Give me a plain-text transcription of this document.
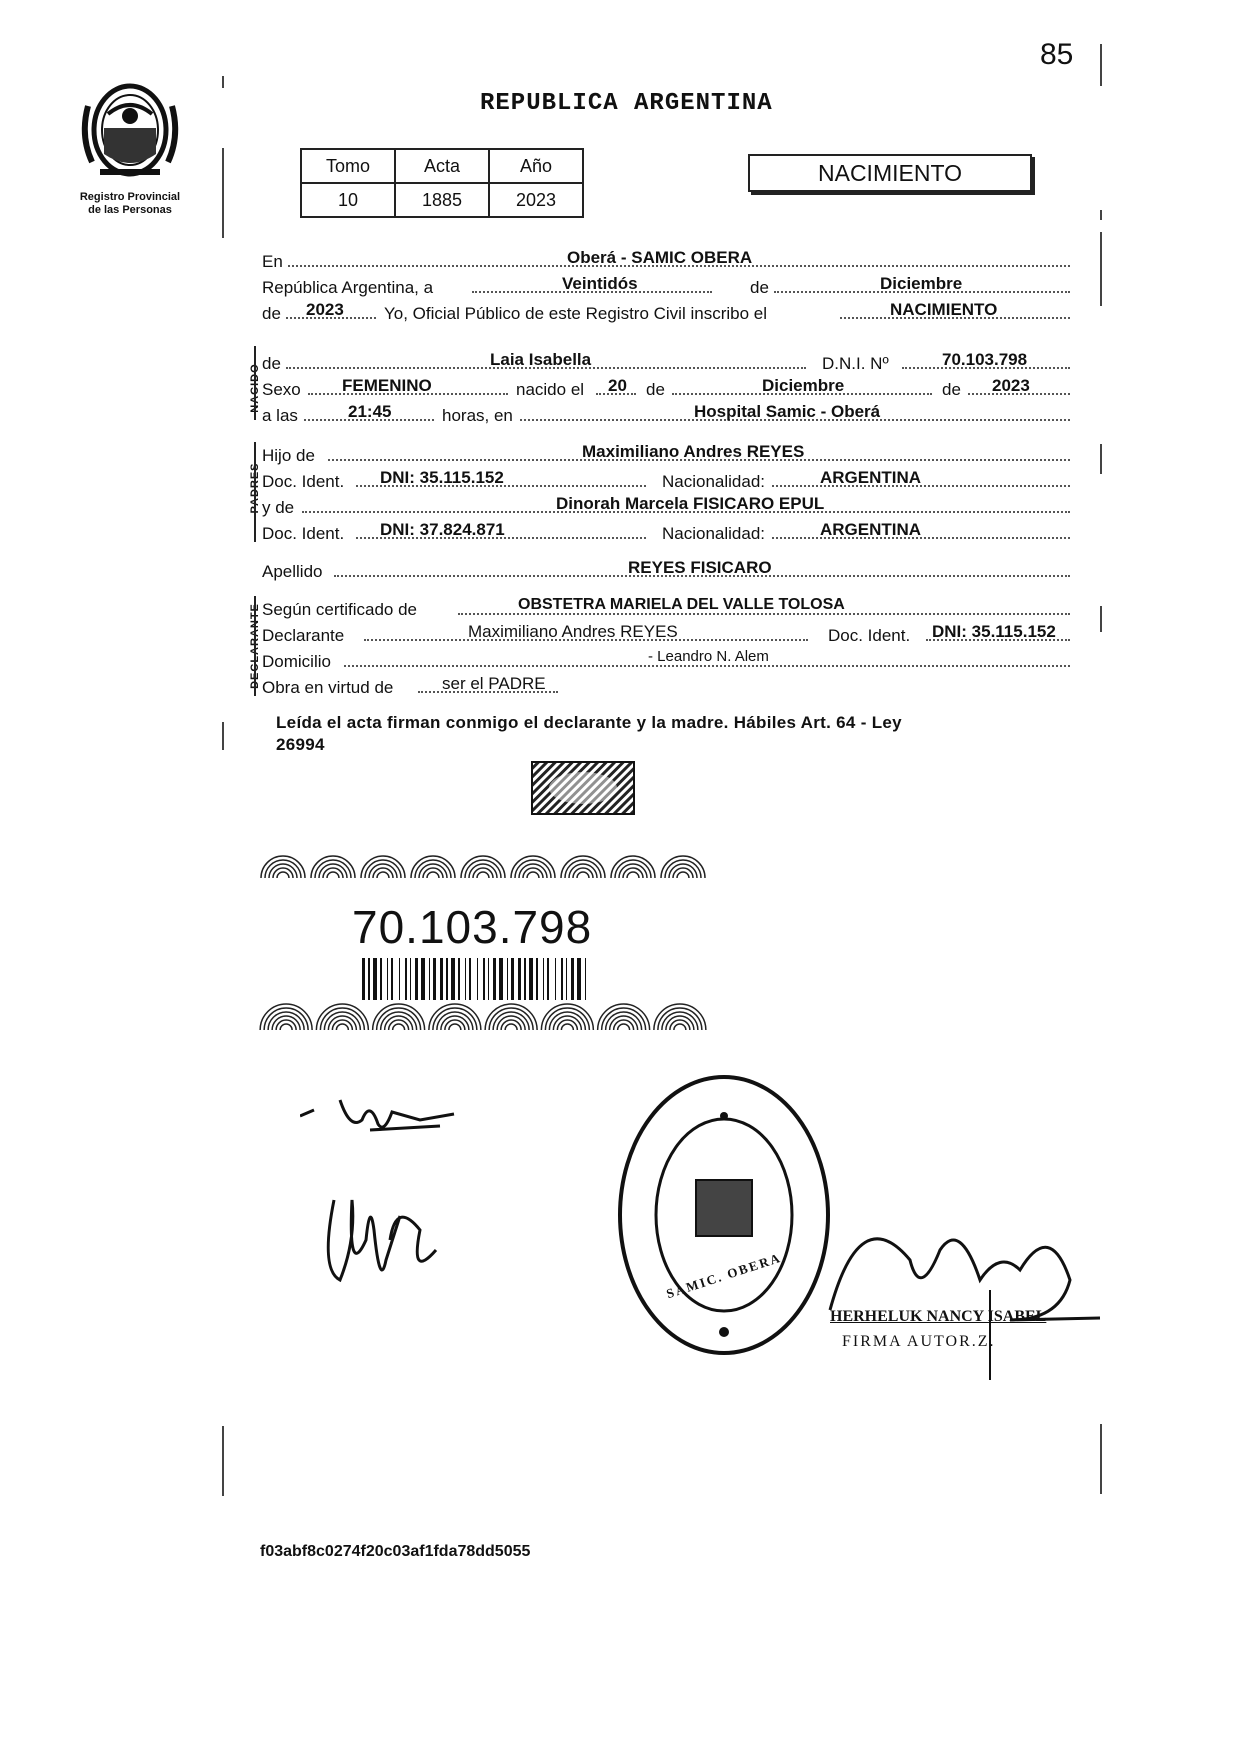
85
REPUBLICA ARGENTINA
Registro Provincial
de las Personas
Tomo	Acta	Año
10	1885	2023
NACIMIENTO
NACIDO
PADRES
DECLARANTE
En	Oberá - SAMIC OBERA
República Argentina, a	Veintidós	de	Diciembre
de 2023 Yo, Oficial Público de este Registro Civil inscribo el	NACIMIENTO
de	Laia Isabella	D.N.I. Nº	70.103.798
Sexo FEMENINO	nacido el 20 de	Diciembre	de 2023
a las	21:45	horas, en	Hospital Samic - Oberá
Hijo de	Maximiliano Andres REYES
Doc. Ident. DNI: 35.115.152	Nacionalidad:	ARGENTINA
y de	Dinorah Marcela FISICARO EPUL
Doc. Ident. DNI: 37.824.871	Nacionalidad:	ARGENTINA
Apellido	REYES FISICARO
Según certificado de	OBSTETRA MARIELA DEL VALLE TOLOSA
Declarante	Maximiliano Andres REYES	Doc. Ident. DNI: 35.115.152
Domicilio	- Leandro N. Alem
Obra en virtud de	ser el PADRE
Leída el acta firman conmigo el declarante y la madre. Hábiles Art. 64 - Ley
26994
70.103.798
SAMIC. OBERA
HERHELUK NANCY ISABEL
FIRMA AUTOR.Z.
f03abf8c0274f20c03af1fda78dd5055
